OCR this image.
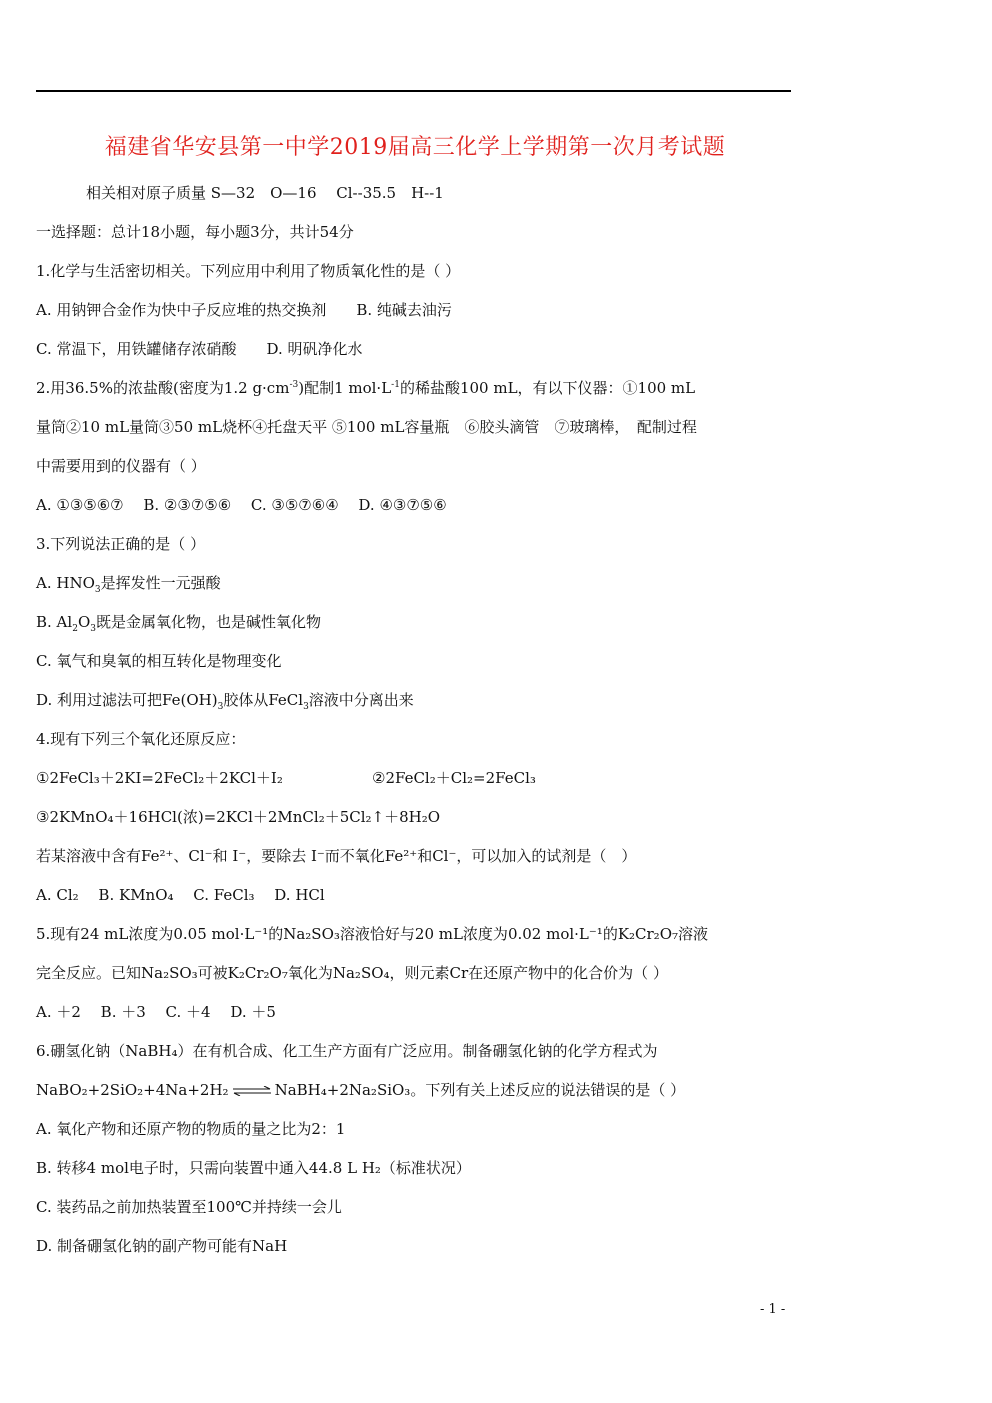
福建省华安县第一中学2019届高三化学上学期第一次月考试题
相关相对原子质量 S—32　O—16　 Cl--35.5　H--1
一选择题：总计18小题，每小题3分，共计54分
1.化学与生活密切相关。下列应用中利用了物质氧化性的是（ ）
A. 用钠钾合金作为快中子反应堆的热交换剂　　B. 纯碱去油污
C. 常温下，用铁罐储存浓硝酸　　D. 明矾净化水
2.用36.5%的浓盐酸(密度为1.2 $g\cdot cm^{-3}$)配制1 $mol\cdot L^{-1}$的稀盐酸100 mL，有以下仪器：①100 mL
量筒②10 mL量筒③50 mL烧杯④托盘天平 ⑤100 mL容量瓶　⑥胶头滴管　⑦玻璃棒，　配制过程
中需要用到的仪器有（ ）
A. ①③⑤⑥⑦　 B. ②③⑦⑤⑥　 C. ③⑤⑦⑥④　 D. ④③⑦⑤⑥
3.下列说法正确的是（ ）
A. $HNO_3$是挥发性一元强酸
B. $Al_2O_3$既是金属氧化物，也是碱性氧化物
C. 氧气和臭氧的相互转化是物理变化
D. 利用过滤法可把$Fe(OH)_3$胶体从FeCl$_3$溶液中分离出来
4.现有下列三个氧化还原反应：
①2FeCl₃＋2KI=2FeCl₂＋2KCl＋I₂	②2FeCl₂＋Cl₂=2FeCl₃
③2KMnO₄＋16HCl(浓)=2KCl＋2MnCl₂＋5Cl₂↑＋8H₂O
若某溶液中含有Fe²⁺、Cl⁻和 I⁻，要除去 I⁻而不氧化Fe²⁺和Cl⁻，可以加入的试剂是（　）
A. Cl₂　 B. KMnO₄　 C. FeCl₃　 D. HCl
5.现有24 mL浓度为0.05 mol·L⁻¹的Na₂SO₃溶液恰好与20 mL浓度为0.02 mol·L⁻¹的K₂Cr₂O₇溶液
完全反应。已知Na₂SO₃可被K₂Cr₂O₇氧化为Na₂SO₄，则元素Cr在还原产物中的化合价为（ ）
A. ＋2　 B. ＋3　 C. ＋4　 D. ＋5
6.硼氢化钠（NaBH₄）在有机合成、化工生产方面有广泛应用。制备硼氢化钠的化学方程式为
NaBO₂+2SiO₂+4Na+2H₂ ⇌ NaBH₄+2Na₂SiO₃。下列有关上述反应的说法错误的是（ ）
A. 氧化产物和还原产物的物质的量之比为2：1
B. 转移4 mol电子时，只需向装置中通入44.8 L H₂（标准状况）
C. 装药品之前加热装置至100℃并持续一会儿
D. 制备硼氢化钠的副产物可能有NaH
- 1 -
